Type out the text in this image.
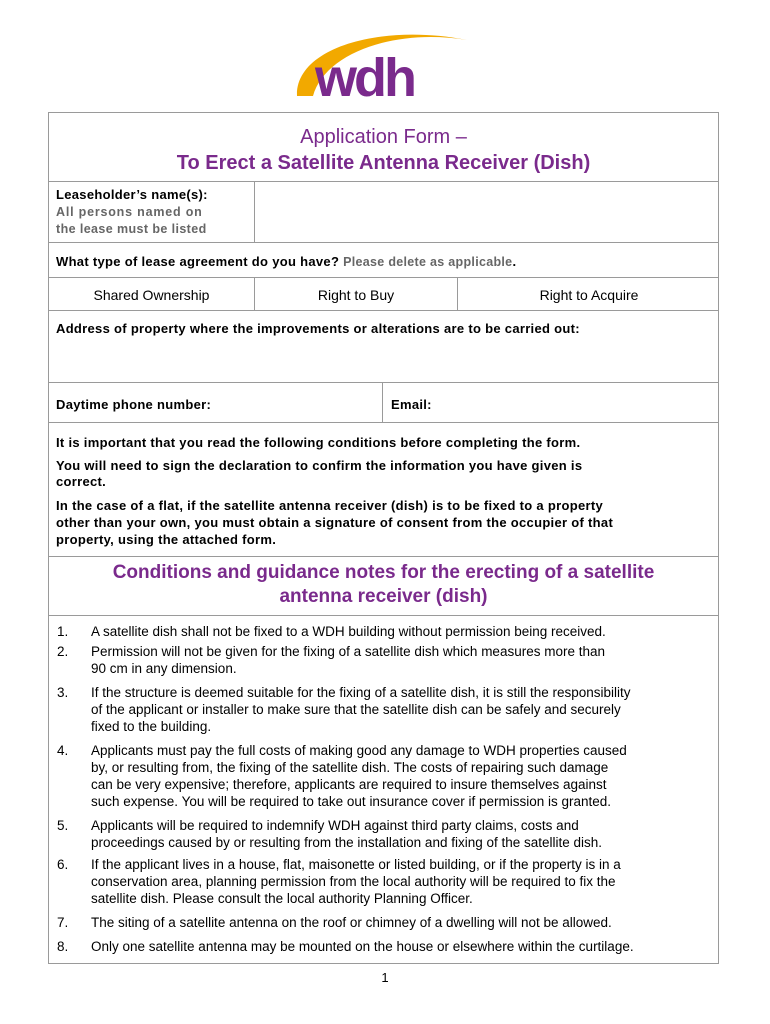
wdh
Application Form –
To Erect a Satellite Antenna Receiver (Dish)
Leaseholder’s name(s):
All persons named on
the lease must be listed
What type of lease agreement do you have? Please delete as applicable.
Shared Ownership	Right to Buy	Right to Acquire
Address of property where the improvements or alterations are to be carried out:
Daytime phone number:	Email:
It is important that you read the following conditions before completing the form.
You will need to sign the declaration to confirm the information you have given is
correct.
In the case of a flat, if the satellite antenna receiver (dish) is to be fixed to a property
other than your own, you must obtain a signature of consent from the occupier of that
property, using the attached form.
Conditions and guidance notes for the erecting of a satellite
antenna receiver (dish)
1. A satellite dish shall not be fixed to a WDH building without permission being received.
2. Permission will not be given for the fixing of a satellite dish which measures more than
90 cm in any dimension.
3. If the structure is deemed suitable for the fixing of a satellite dish, it is still the responsibility
of the applicant or installer to make sure that the satellite dish can be safely and securely
fixed to the building.
4. Applicants must pay the full costs of making good any damage to WDH properties caused
by, or resulting from, the fixing of the satellite dish. The costs of repairing such damage
can be very expensive; therefore, applicants are required to insure themselves against
such expense. You will be required to take out insurance cover if permission is granted.
5. Applicants will be required to indemnify WDH against third party claims, costs and
proceedings caused by or resulting from the installation and fixing of the satellite dish.
6. If the applicant lives in a house, flat, maisonette or listed building, or if the property is in a
conservation area, planning permission from the local authority will be required to fix the
satellite dish. Please consult the local authority Planning Officer.
7. The siting of a satellite antenna on the roof or chimney of a dwelling will not be allowed.
8. Only one satellite antenna may be mounted on the house or elsewhere within the curtilage.
1
